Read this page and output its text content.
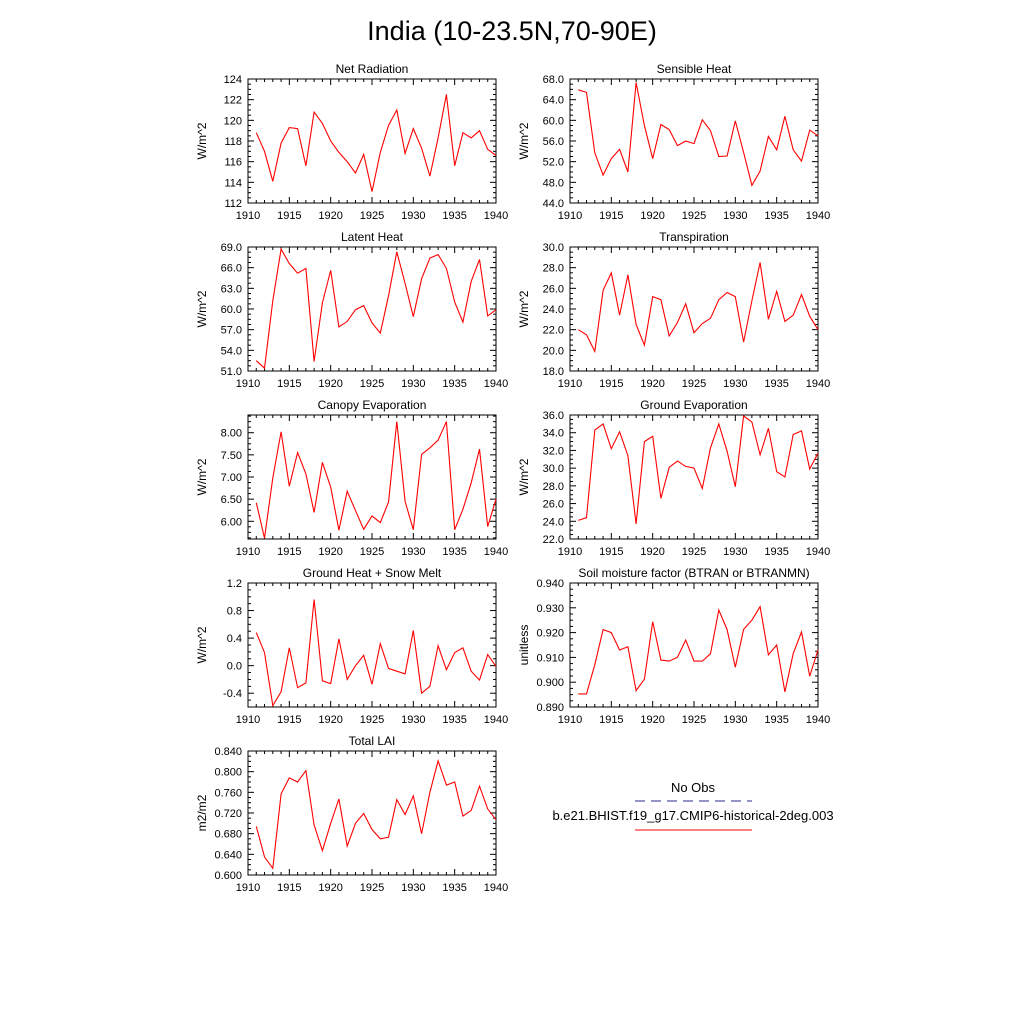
India (10-23.5N,70-90E)
Net Radiation
W/m^2
1910 1915 1920 1925 1930 1935 1940
112
114
116
118
120
122
124
Sensible Heat
W/m^2
1910 1915 1920 1925 1930 1935 1940
44.0
48.0
52.0
56.0
60.0
64.0
68.0
Latent Heat
W/m^2
1910 1915 1920 1925 1930 1935 1940
51.0
54.0
57.0
60.0
63.0
66.0
69.0
Transpiration
W/m^2
1910 1915 1920 1925 1930 1935 1940
18.0
20.0
22.0
24.0
26.0
28.0
30.0
Canopy Evaporation
W/m^2
1910 1915 1920 1925 1930 1935 1940
6.00
6.50
7.00
7.50
8.00
Ground Evaporation
W/m^2
1910 1915 1920 1925 1930 1935 1940
22.0
24.0
26.0
28.0
30.0
32.0
34.0
36.0
Ground Heat + Snow Melt
W/m^2
1910 1915 1920 1925 1930 1935 1940
-0.4
0.0
0.4
0.8
1.2
Soil moisture factor (BTRAN or BTRANMN)
unitless
1910 1915 1920 1925 1930 1935 1940
0.890
0.900
0.910
0.920
0.930
0.940
Total LAI
m2/m2
1910 1915 1920 1925 1930 1935 1940
0.600
0.640
0.680
0.720
0.760
0.800
0.840
No Obs
b.e21.BHIST.f19_g17.CMIP6-historical-2deg.003
